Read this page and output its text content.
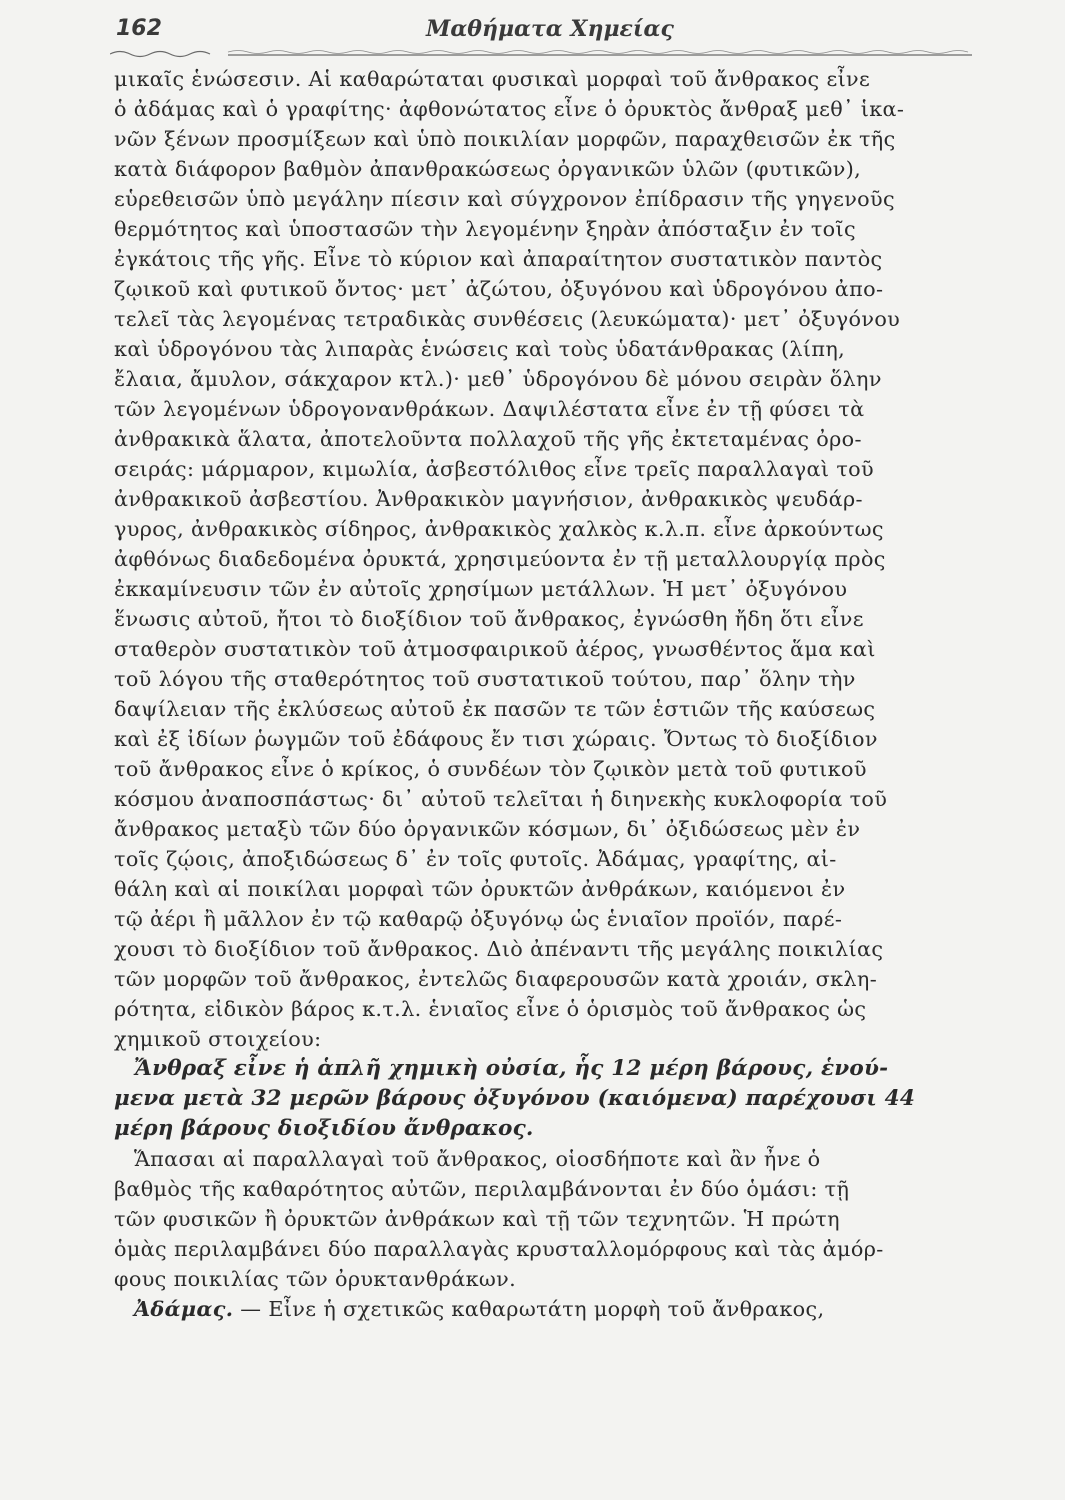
162	Μαθήματα Χημείας
μικαῖς ἑνώσεσιν. Αἱ καθαρώταται φυσικαὶ μορφαὶ τοῦ ἄνθρακος εἶνε
ὁ ἀδάμας καὶ ὁ γραφίτης· ἀφθονώτατος εἶνε ὁ ὀρυκτὸς ἄνθραξ μεθ᾽ ἱκα-
νῶν ξένων προσμίξεων καὶ ὑπὸ ποικιλίαν μορφῶν, παραχθεισῶν ἐκ τῆς
κατὰ διάφορον βαθμὸν ἀπανθρακώσεως ὀργανικῶν ὑλῶν (φυτικῶν),
εὑρεθεισῶν ὑπὸ μεγάλην πίεσιν καὶ σύγχρονον ἐπίδρασιν τῆς γηγενοῦς
θερμότητος καὶ ὑποστασῶν τὴν λεγομένην ξηρὰν ἀπόσταξιν ἐν τοῖς
ἐγκάτοις τῆς γῆς. Εἶνε τὸ κύριον καὶ ἀπαραίτητον συστατικὸν παντὸς
ζῳικοῦ καὶ φυτικοῦ ὄντος· μετ᾽ ἀζώτου, ὀξυγόνου καὶ ὑδρογόνου ἀπο-
τελεῖ τὰς λεγομένας τετραδικὰς συνθέσεις (λευκώματα)· μετ᾽ ὀξυγόνου
καὶ ὑδρογόνου τὰς λιπαρὰς ἑνώσεις καὶ τοὺς ὑδατάνθρακας (λίπη,
ἔλαια, ἄμυλον, σάκχαρον κτλ.)· μεθ᾽ ὑδρογόνου δὲ μόνου σειρὰν ὅλην
τῶν λεγομένων ὑδρογονανθράκων. Δαψιλέστατα εἶνε ἐν τῇ φύσει τὰ
ἀνθρακικὰ ἅλατα, ἀποτελοῦντα πολλαχοῦ τῆς γῆς ἐκτεταμένας ὀρο-
σειράς: μάρμαρον, κιμωλία, ἀσβεστόλιθος εἶνε τρεῖς παραλλαγαὶ τοῦ
ἀνθρακικοῦ ἀσβεστίου. Ἀνθρακικὸν μαγνήσιον, ἀνθρακικὸς ψευδάρ-
γυρος, ἀνθρακικὸς σίδηρος, ἀνθρακικὸς χαλκὸς κ.λ.π. εἶνε ἀρκούντως
ἀφθόνως διαδεδομένα ὀρυκτά, χρησιμεύοντα ἐν τῇ μεταλλουργίᾳ πρὸς
ἐκκαμίνευσιν τῶν ἐν αὐτοῖς χρησίμων μετάλλων. Ἡ μετ᾽ ὀξυγόνου
ἕνωσις αὐτοῦ, ἤτοι τὸ διοξίδιον τοῦ ἄνθρακος, ἐγνώσθη ἤδη ὅτι εἶνε
σταθερὸν συστατικὸν τοῦ ἀτμοσφαιρικοῦ ἀέρος, γνωσθέντος ἅμα καὶ
τοῦ λόγου τῆς σταθερότητος τοῦ συστατικοῦ τούτου, παρ᾽ ὅλην τὴν
δαψίλειαν τῆς ἐκλύσεως αὐτοῦ ἐκ πασῶν τε τῶν ἑστιῶν τῆς καύσεως
καὶ ἐξ ἰδίων ῥωγμῶν τοῦ ἐδάφους ἔν τισι χώραις. Ὄντως τὸ διοξίδιον
τοῦ ἄνθρακος εἶνε ὁ κρίκος, ὁ συνδέων τὸν ζῳικὸν μετὰ τοῦ φυτικοῦ
κόσμου ἀναποσπάστως· δι᾽ αὐτοῦ τελεῖται ἡ διηνεκὴς κυκλοφορία τοῦ
ἄνθρακος μεταξὺ τῶν δύο ὀργανικῶν κόσμων, δι᾽ ὀξιδώσεως μὲν ἐν
τοῖς ζῴοις, ἀποξιδώσεως δ᾽ ἐν τοῖς φυτοῖς. Ἀδάμας, γραφίτης, αἰ-
θάλη καὶ αἱ ποικίλαι μορφαὶ τῶν ὀρυκτῶν ἀνθράκων, καιόμενοι ἐν
τῷ ἀέρι ἢ μᾶλλον ἐν τῷ καθαρῷ ὀξυγόνῳ ὡς ἑνιαῖον προϊόν, παρέ-
χουσι τὸ διοξίδιον τοῦ ἄνθρακος. Διὸ ἀπέναντι τῆς μεγάλης ποικιλίας
τῶν μορφῶν τοῦ ἄνθρακος, ἐντελῶς διαφερουσῶν κατὰ χροιάν, σκλη-
ρότητα, εἰδικὸν βάρος κ.τ.λ. ἑνιαῖος εἶνε ὁ ὁρισμὸς τοῦ ἄνθρακος ὡς
χημικοῦ στοιχείου:
Ἄνθραξ εἶνε ἡ ἁπλῆ χημικὴ οὐσία, ἧς 12 μέρη βάρους, ἑνού-
μενα μετὰ 32 μερῶν βάρους ὀξυγόνου (καιόμενα) παρέχουσι 44
μέρη βάρους διοξιδίου ἄνθρακος.
Ἅπασαι αἱ παραλλαγαὶ τοῦ ἄνθρακος, οἱοσδήποτε καὶ ἂν ἦνε ὁ
βαθμὸς τῆς καθαρότητος αὐτῶν, περιλαμβάνονται ἐν δύο ὁμάσι: τῇ
τῶν φυσικῶν ἢ ὀρυκτῶν ἀνθράκων καὶ τῇ τῶν τεχνητῶν. Ἡ πρώτη
ὁμὰς περιλαμβάνει δύο παραλλαγὰς κρυσταλλομόρφους καὶ τὰς ἀμόρ-
φους ποικιλίας τῶν ὀρυκτανθράκων.
Ἀδάμας. — Εἶνε ἡ σχετικῶς καθαρωτάτη μορφὴ τοῦ ἄνθρακος,
